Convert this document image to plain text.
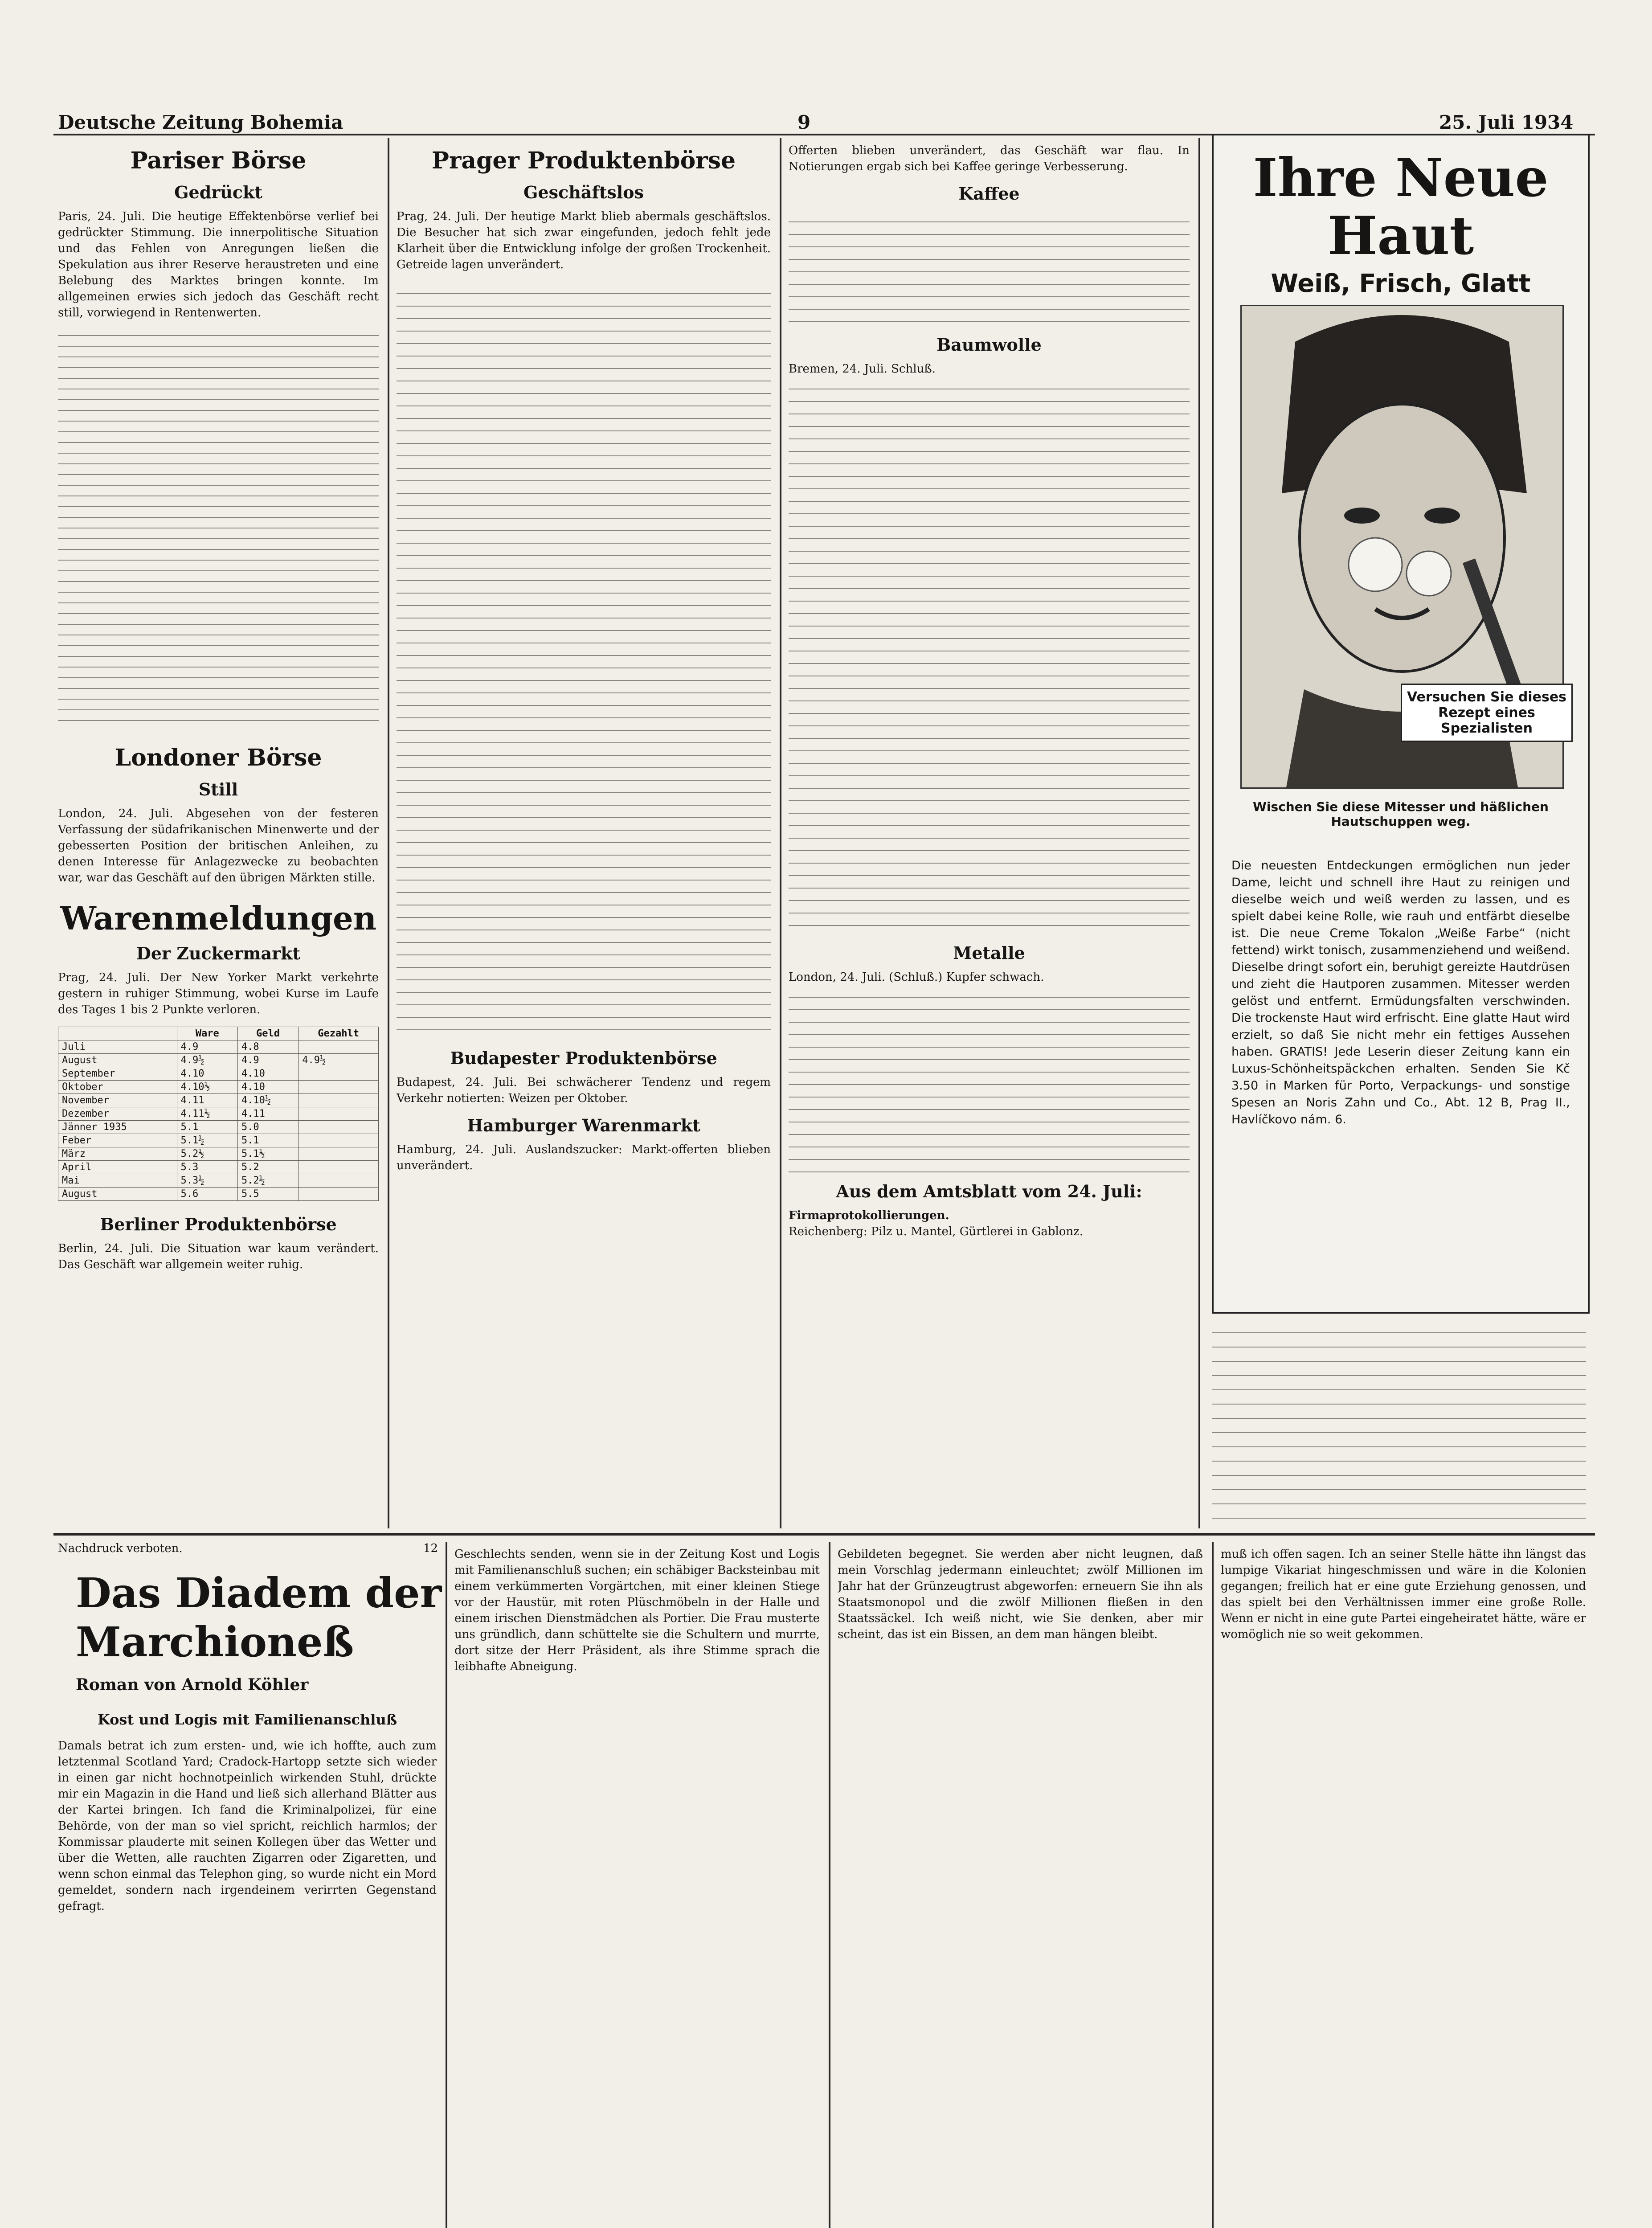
Deutsche Zeitung Bohemia	9	25. Juli 1934
Pariser Börse
Gedrückt
Paris, 24. Juli. Die heutige Effektenbörse verlief bei gedrückter Stimmung. Die innerpolitische Situation und das Fehlen von Anregungen ließen die Spekulation aus ihrer Reserve heraustreten und eine Belebung des Marktes bringen konnte. Im allgemeinen erwies sich jedoch das Geschäft recht still, vorwiegend in Rentenwerten.
Londoner Börse
Still
London, 24. Juli. Abgesehen von der festeren Verfassung der südafrikanischen Minenwerte und der gebesserten Position der britischen Anleihen, zu denen Interesse für Anlagezwecke zu beobachten war, war das Geschäft auf den übrigen Märkten stille.
Warenmeldungen
Der Zuckermarkt
Prag, 24. Juli. Der New Yorker Markt verkehrte gestern in ruhiger Stimmung, wobei Kurse im Laufe des Tages 1 bis 2 Punkte verloren.
	Ware	Geld	Gezahlt
Juli	4.9	4.8	
August	4.9½	4.9	4.9½
September	4.10	4.10	
Oktober	4.10½	4.10	
November	4.11	4.10½	
Dezember	4.11½	4.11	
Jänner 1935	5.1	5.0	
Feber	5.1½	5.1	
März	5.2½	5.1½	
April	5.3	5.2	
Mai	5.3½	5.2½	
August	5.6	5.5	
Berliner Produktenbörse
Berlin, 24. Juli. Die Situation war kaum verändert. Das Geschäft war allgemein weiter ruhig.
Prager Produktenbörse
Geschäftslos
Prag, 24. Juli. Der heutige Markt blieb abermals geschäftslos. Die Besucher hat sich zwar eingefunden, jedoch fehlt jede Klarheit über die Entwicklung infolge der großen Trockenheit. Getreide lagen unverändert.
Budapester Produktenbörse
Budapest, 24. Juli. Bei schwächerer Tendenz und regem Verkehr notierten: Weizen per Oktober.
Hamburger Warenmarkt
Hamburg, 24. Juli. Auslandszucker: Markt-offerten blieben unverändert.
Offerten blieben unverändert, das Geschäft war flau. In Notierungen ergab sich bei Kaffee geringe Verbesserung.
Kaffee
Baumwolle
Bremen, 24. Juli. Schluß.
Metalle
London, 24. Juli. (Schluß.) Kupfer schwach.
Aus dem Amtsblatt vom 24. Juli:
Firmaprotokollierungen.
Reichenberg: Pilz u. Mantel, Gürtlerei in Gablonz.
Ihre Neue Haut
Weiß, Frisch, Glatt
Versuchen Sie dieses Rezept eines Spezialisten
Wischen Sie diese Mitesser und häßlichen Hautschuppen weg.
Die neuesten Entdeckungen ermöglichen nun jeder Dame, leicht und schnell ihre Haut zu reinigen und dieselbe weich und weiß werden zu lassen, und es spielt dabei keine Rolle, wie rauh und entfärbt dieselbe ist. Die neue Creme Tokalon „Weiße Farbe“ (nicht fettend) wirkt tonisch, zusammenziehend und weißend. Dieselbe dringt sofort ein, beruhigt gereizte Hautdrüsen und zieht die Hautporen zusammen. Mitesser werden gelöst und entfernt. Ermüdungsfalten verschwinden. Die trockenste Haut wird erfrischt. Eine glatte Haut wird erzielt, so daß Sie nicht mehr ein fettiges Aussehen haben. GRATIS! Jede Leserin dieser Zeitung kann ein Luxus-Schönheitspäckchen erhalten. Senden Sie Kč 3.50 in Marken für Porto, Verpackungs- und sonstige Spesen an Noris Zahn und Co., Abt. 12 B, Prag II., Havlíčkovo nám. 6.
Nachdruck verboten.	12
Das Diadem der Marchioneß
Roman von Arnold Köhler
Kost und Logis mit Familienanschluß
Damals betrat ich zum ersten- und, wie ich hoffte, auch zum letztenmal Scotland Yard; Cradock-Hartopp setzte sich wieder in einen gar nicht hochnotpeinlich wirkenden Stuhl, drückte mir ein Magazin in die Hand und ließ sich allerhand Blätter aus der Kartei bringen. Ich fand die Kriminalpolizei, für eine Behörde, von der man so viel spricht, reichlich harmlos; der Kommissar plauderte mit seinen Kollegen über das Wetter und über die Wetten, alle rauchten Zigarren oder Zigaretten, und wenn schon einmal das Telephon ging, so wurde nicht ein Mord gemeldet, sondern nach irgendeinem verirrten Gegenstand gefragt.
Geschlechts senden, wenn sie in der Zeitung Kost und Logis mit Familienanschluß suchen; ein schäbiger Backsteinbau mit einem verkümmerten Vorgärtchen, mit einer kleinen Stiege vor der Haustür, mit roten Plüschmöbeln in der Halle und einem irischen Dienstmädchen als Portier. Die Frau musterte uns gründlich, dann schüttelte sie die Schultern und murrte, dort sitze der Herr Präsident, als ihre Stimme sprach die leibhafte Abneigung.
Gebildeten begegnet. Sie werden aber nicht leugnen, daß mein Vorschlag jedermann einleuchtet; zwölf Millionen im Jahr hat der Grünzeugtrust abgeworfen: erneuern Sie ihn als Staatsmonopol und die zwölf Millionen fließen in den Staatssäckel. Ich weiß nicht, wie Sie denken, aber mir scheint, das ist ein Bissen, an dem man hängen bleibt.
muß ich offen sagen. Ich an seiner Stelle hätte ihn längst das lumpige Vikariat hingeschmissen und wäre in die Kolonien gegangen; freilich hat er eine gute Erziehung genossen, und das spielt bei den Verhältnissen immer eine große Rolle. Wenn er nicht in eine gute Partei eingeheiratet hätte, wäre er womöglich nie so weit gekommen.
